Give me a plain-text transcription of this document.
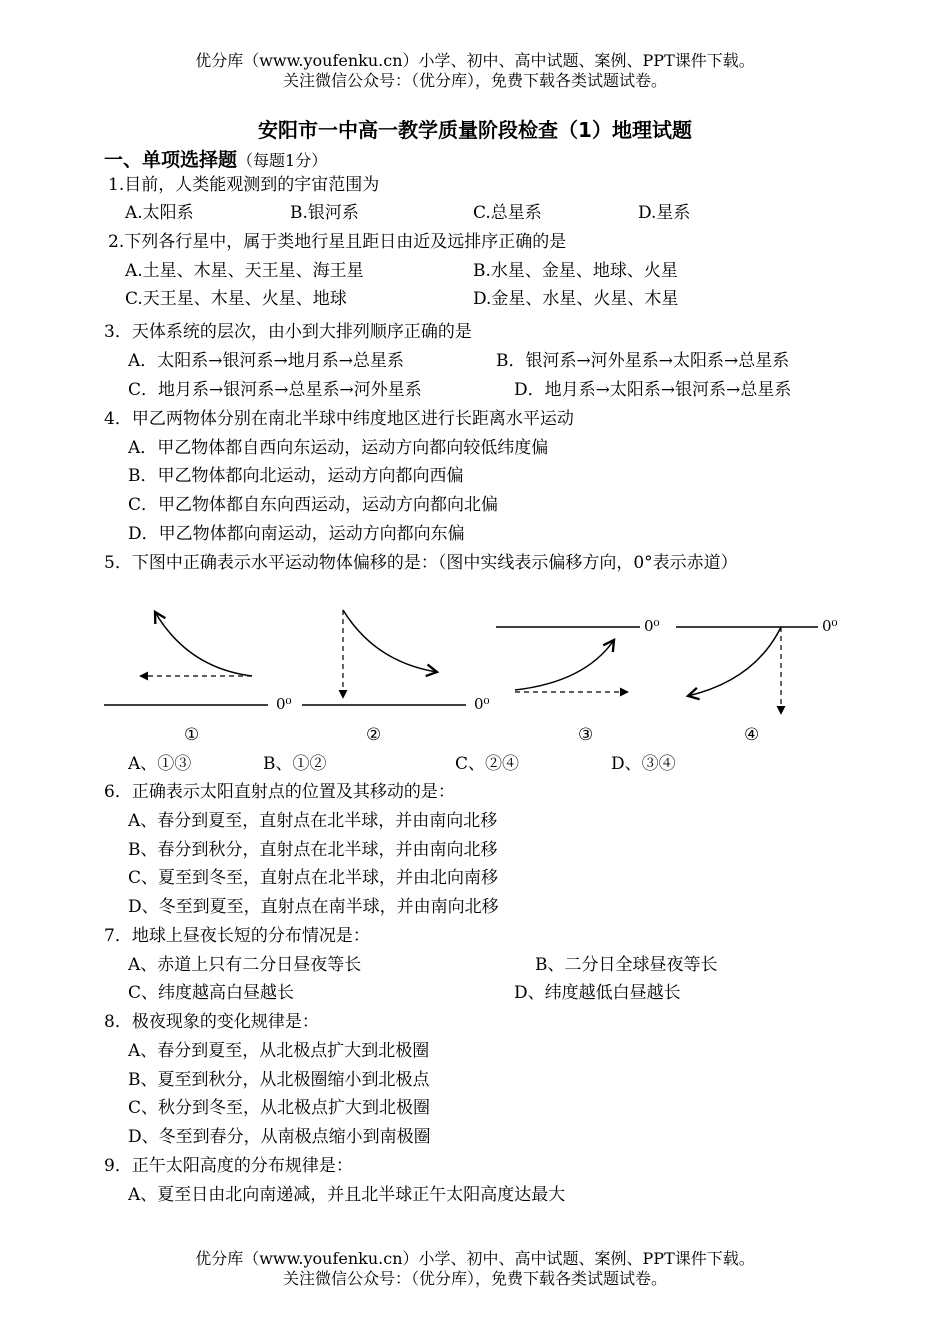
优分库（www.youfenku.cn）小学、初中、高中试题、案例、PPT课件下载。
关注微信公众号：（优分库），免费下载各类试题试卷。
安阳市一中高一教学质量阶段检查（1）地理试题
一、单项选择题（每题1分）
1.目前，人类能观测到的宇宙范围为
A.太阳系	B.银河系	C.总星系	D.星系
2.下列各行星中，属于类地行星且距日由近及远排序正确的是
A.土星、木星、天王星、海王星	B.水星、金星、地球、火星
C.天王星、木星、火星、地球	D.金星、水星、火星、木星
3．天体系统的层次，由小到大排列顺序正确的是
A．太阳系→银河系→地月系→总星系	B．银河系→河外星系→太阳系→总星系
C．地月系→银河系→总星系→河外星系	D．地月系→太阳系→银河系→总星系
4．甲乙两物体分别在南北半球中纬度地区进行长距离水平运动
A．甲乙物体都自西向东运动，运动方向都向较低纬度偏
B．甲乙物体都向北运动，运动方向都向西偏
C．甲乙物体都自东向西运动，运动方向都向北偏
D．甲乙物体都向南运动，运动方向都向东偏
5．下图中正确表示水平运动物体偏移的是：（图中实线表示偏移方向，0°表示赤道）
0⁰
①
0⁰
②
0⁰
③
0⁰
④
A、①③	B、①②	C、②④	D、③④
6．正确表示太阳直射点的位置及其移动的是：
A、春分到夏至，直射点在北半球，并由南向北移
B、春分到秋分，直射点在北半球，并由南向北移
C、夏至到冬至，直射点在北半球，并由北向南移
D、冬至到夏至，直射点在南半球，并由南向北移
7．地球上昼夜长短的分布情况是：
A、赤道上只有二分日昼夜等长	B、二分日全球昼夜等长
C、纬度越高白昼越长	D、纬度越低白昼越长
8．极夜现象的变化规律是：
A、春分到夏至，从北极点扩大到北极圈
B、夏至到秋分，从北极圈缩小到北极点
C、秋分到冬至，从北极点扩大到北极圈
D、冬至到春分，从南极点缩小到南极圈
9．正午太阳高度的分布规律是：
A、夏至日由北向南递减，并且北半球正午太阳高度达最大
优分库（www.youfenku.cn）小学、初中、高中试题、案例、PPT课件下载。
关注微信公众号：（优分库），免费下载各类试题试卷。
